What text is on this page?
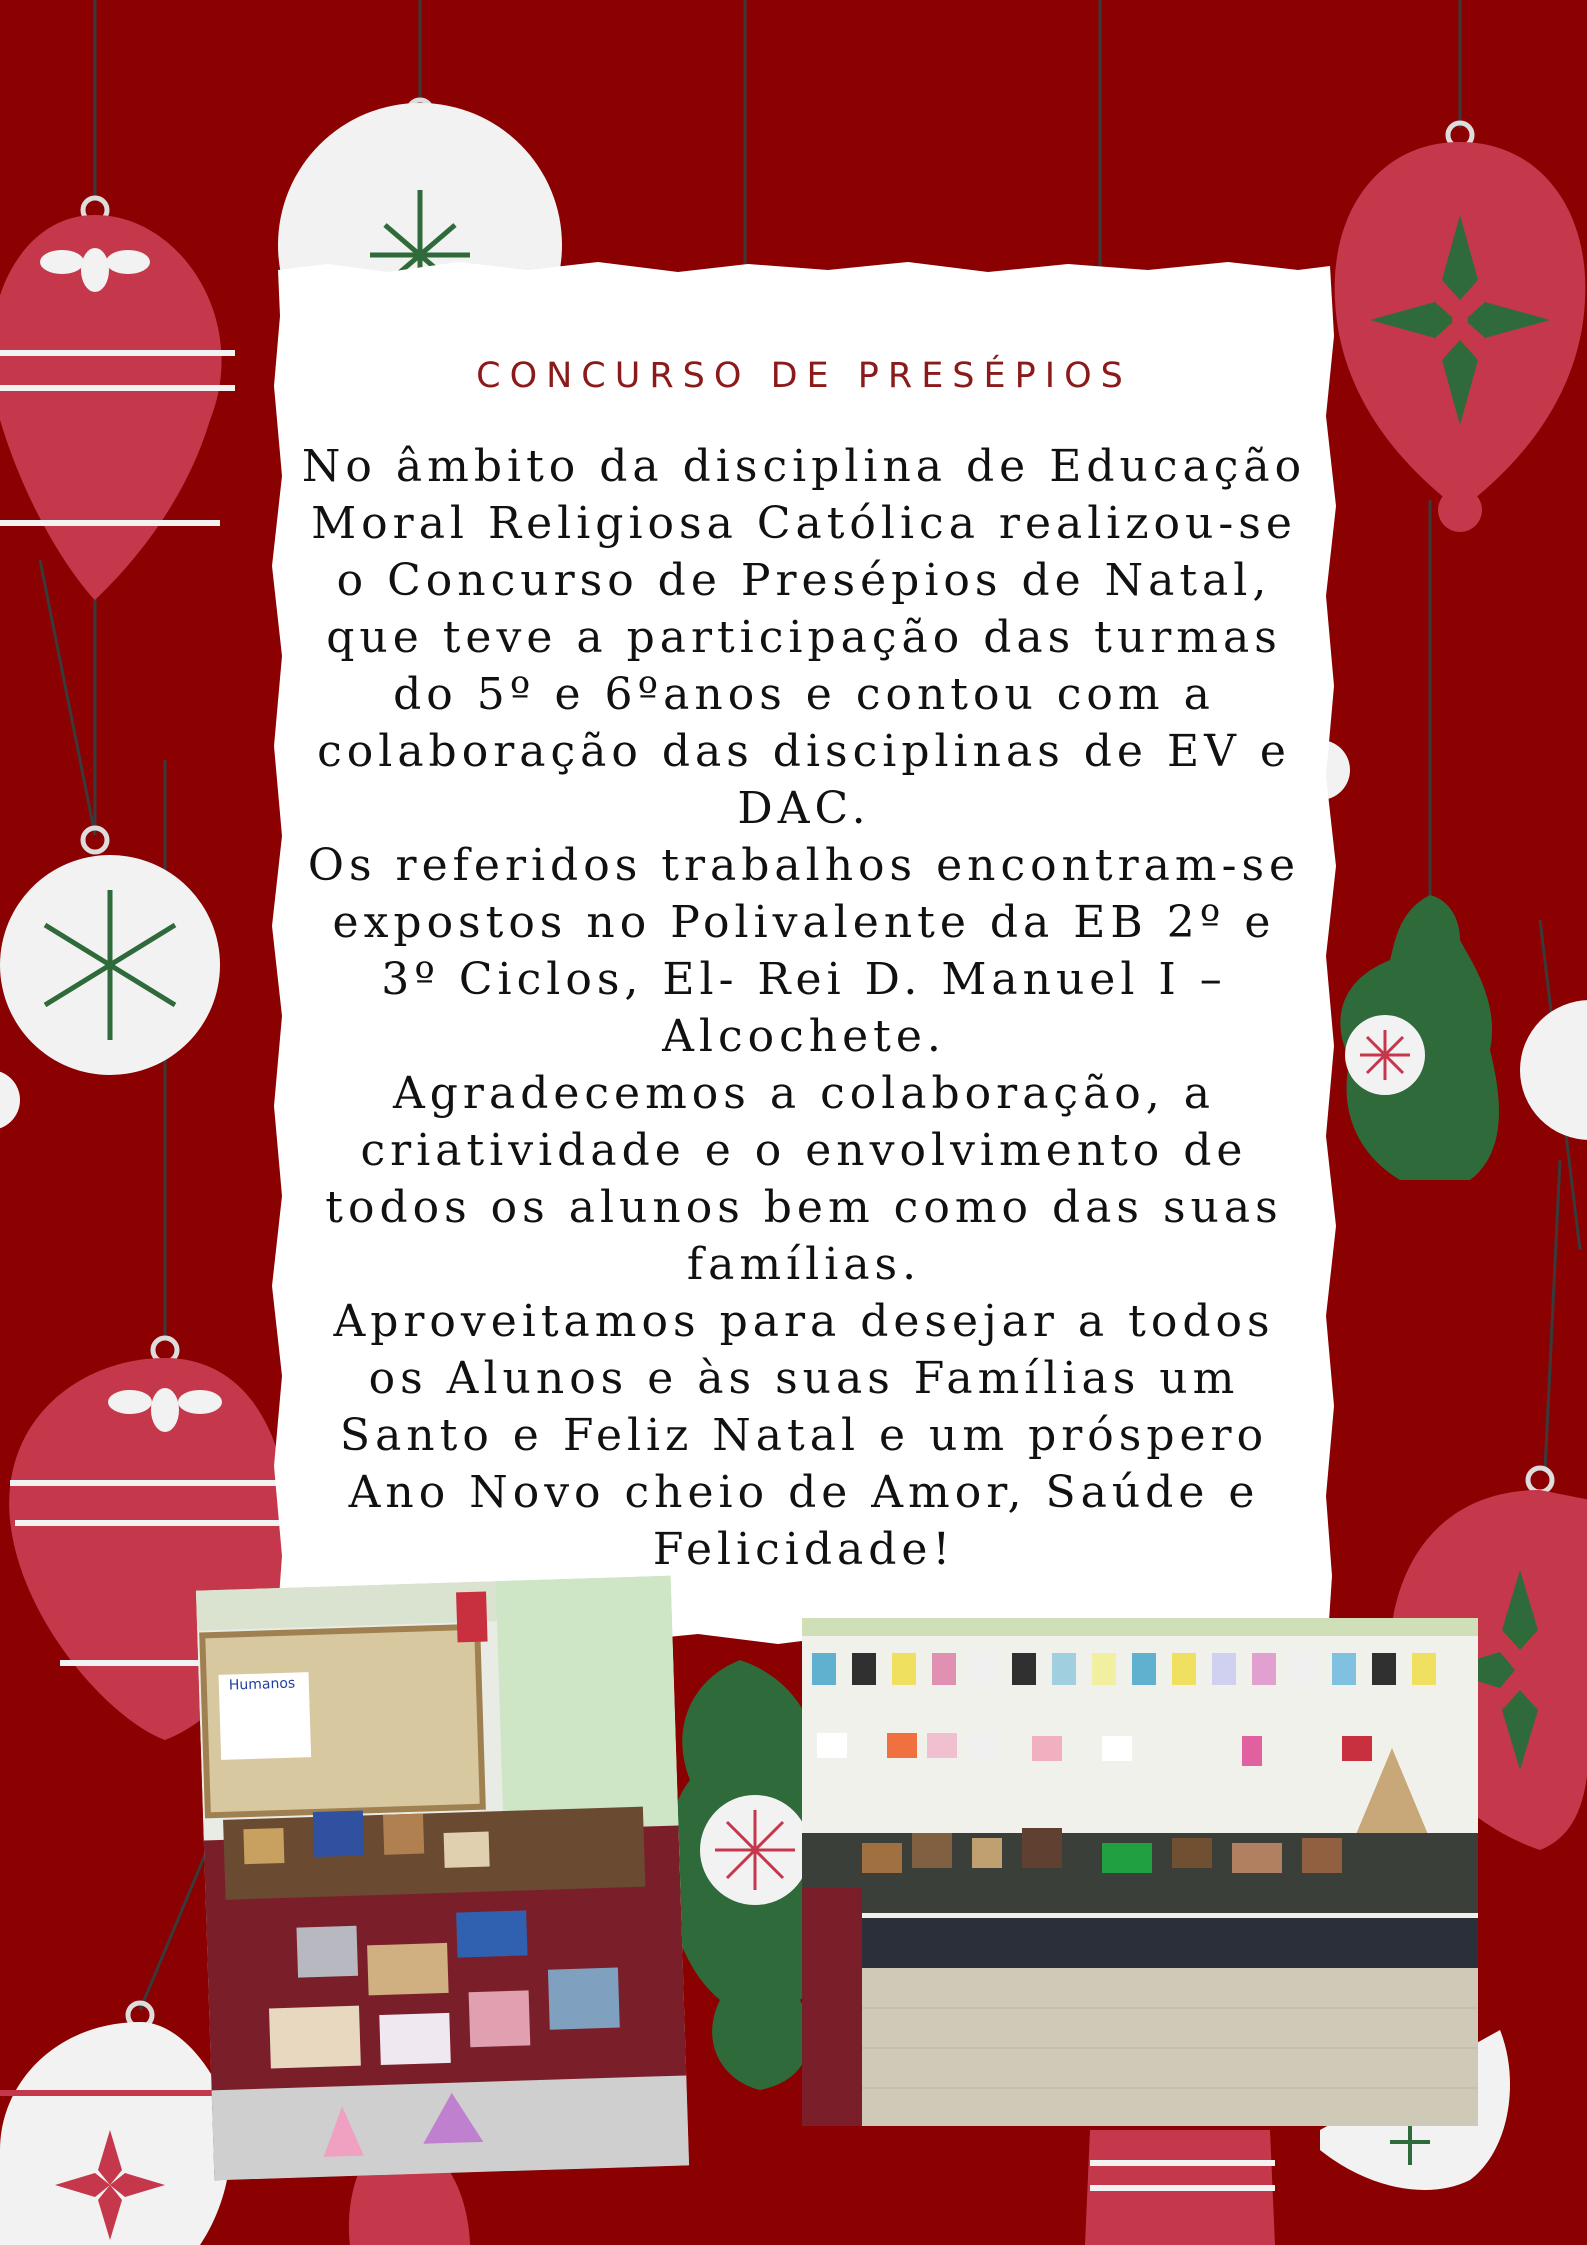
CONCURSO DE PRESÉPIOS

No âmbito da disciplina de Educação Moral Religiosa Católica realizou-se o Concurso de Presépios de Natal, que teve a participação das turmas do 5º e 6ºanos e contou com a colaboração das disciplinas de EV e DAC.

Os referidos trabalhos encontram-se expostos no Polivalente da EB 2º e 3º Ciclos, El- Rei D. Manuel I – Alcochete.

Agradecemos a colaboração, a criatividade e o envolvimento de todos os alunos bem como das suas famílias.

Aproveitamos para desejar a todos os Alunos e às suas Famílias um Santo e Feliz Natal e um próspero Ano Novo cheio de Amor, Saúde e Felicidade!

Humanos
